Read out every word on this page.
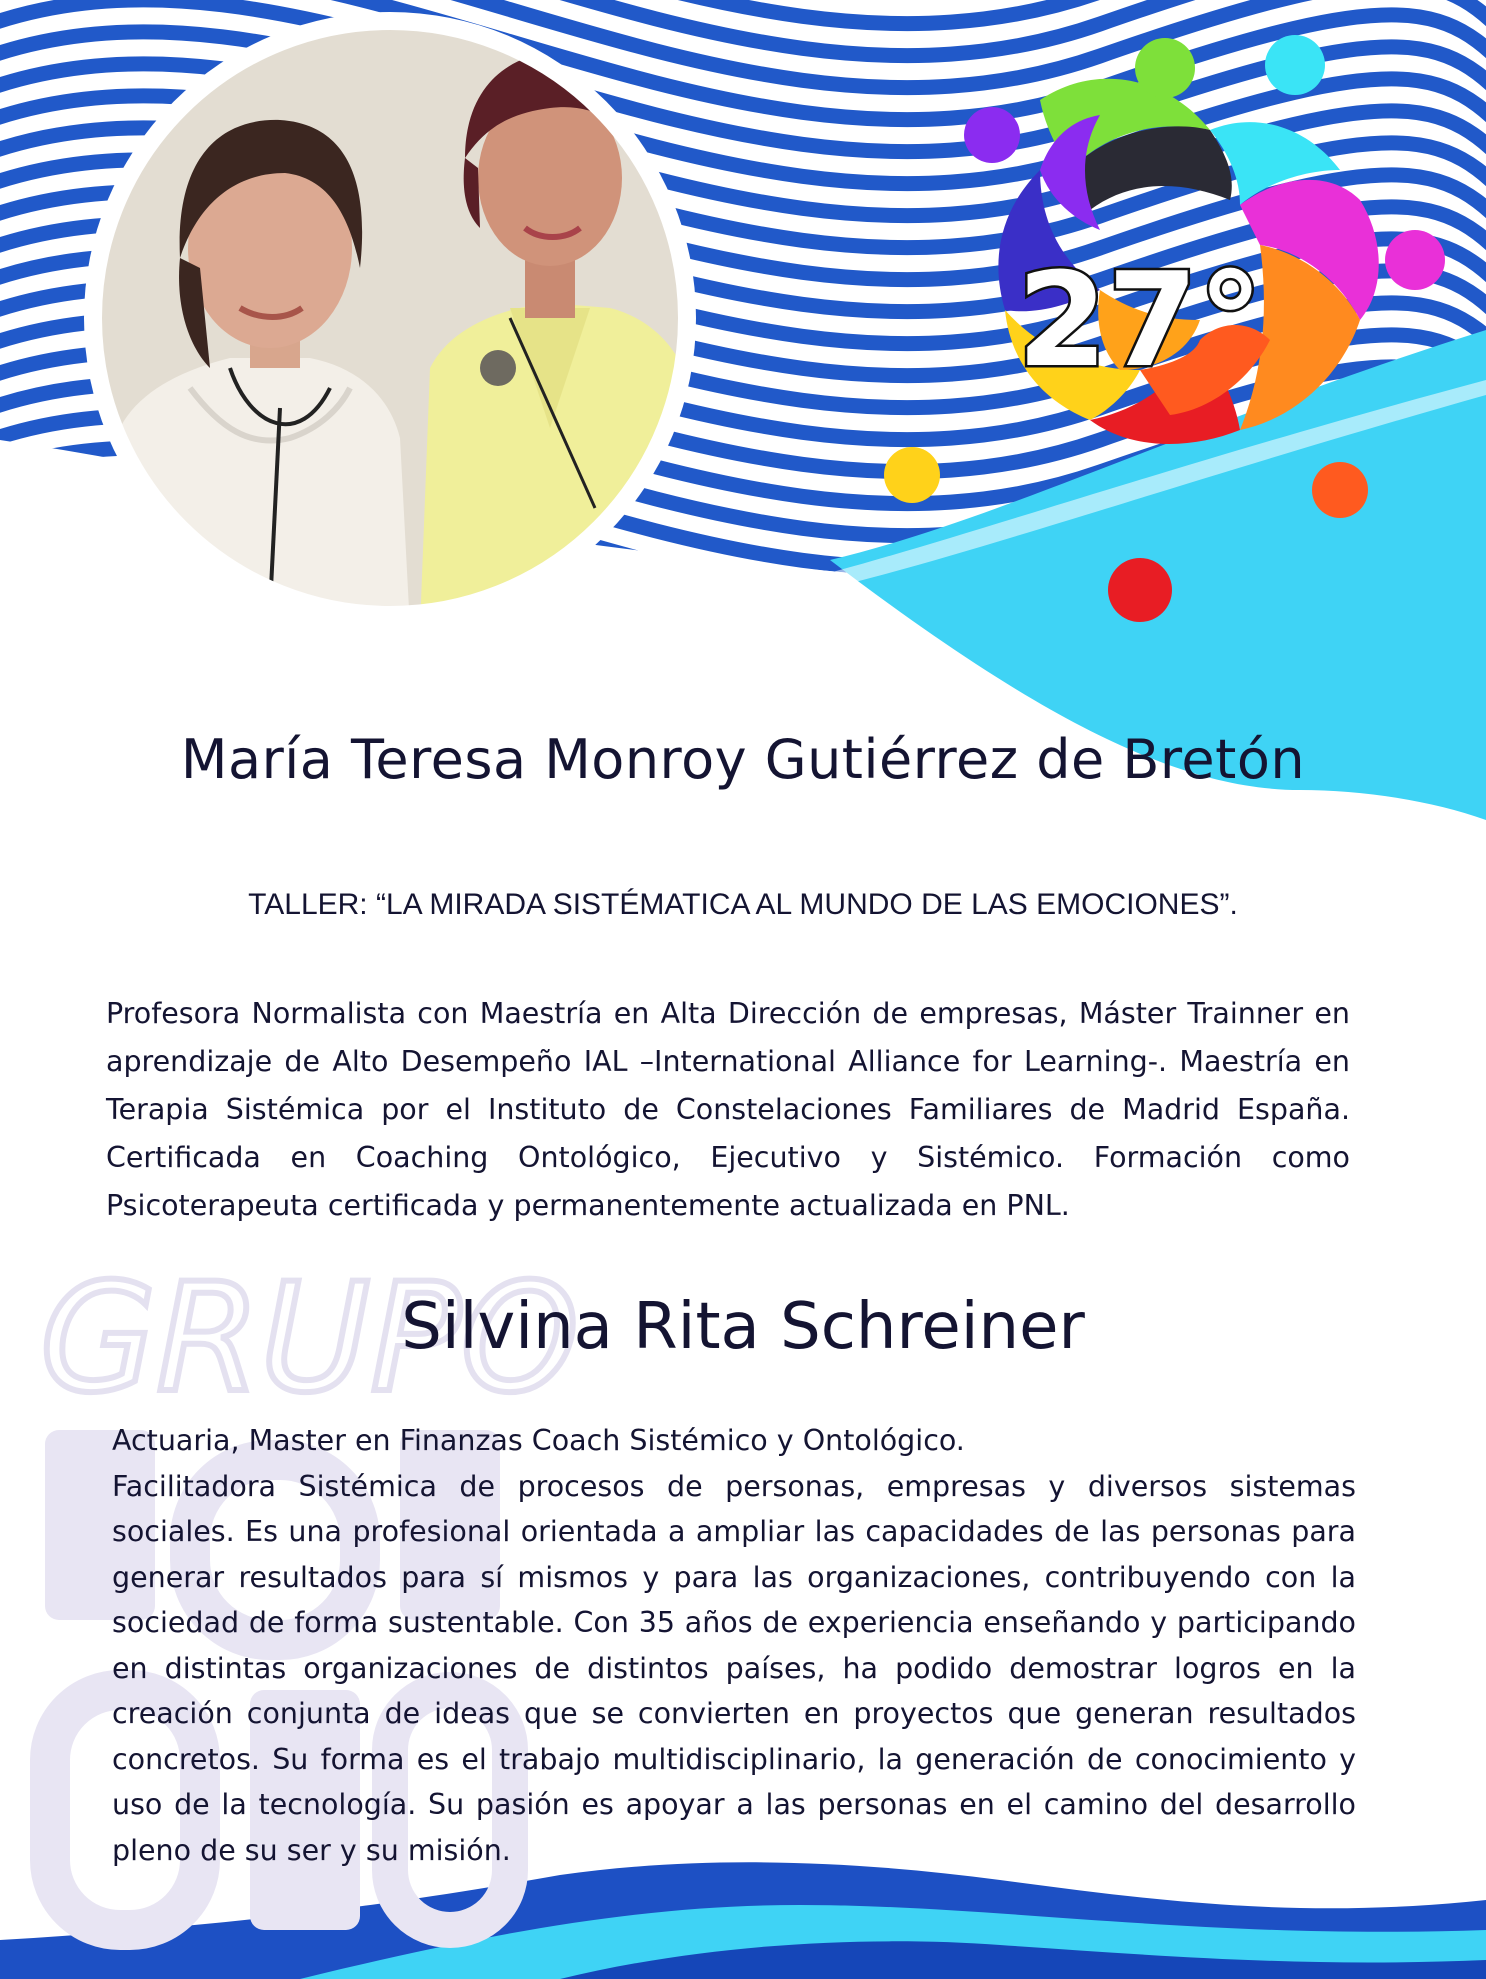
GRUPO
27°
María Teresa Monroy Gutiérrez de Bretón

TALLER: “LA MIRADA SISTÉMATICA AL MUNDO DE LAS EMOCIONES”.

Profesora Normalista con Maestría en Alta Dirección de empresas, Máster Trainner en aprendizaje de Alto Desempeño IAL –International Alliance for Learning-. Maestría en Terapia Sistémica por el Instituto de Constelaciones Familiares de Madrid España. Certificada en Coaching Ontológico, Ejecutivo y Sistémico. Formación como Psicoterapeuta certificada y permanentemente actualizada en PNL.

Silvina Rita Schreiner

Actuaria, Master en Finanzas Coach Sistémico y Ontológico.
Facilitadora Sistémica de procesos de personas, empresas y diversos sistemas sociales. Es una profesional orientada a ampliar las capacidades de las personas para generar resultados para sí mismos y para las organizaciones, contribuyendo con la sociedad de forma sustentable. Con 35 años de experiencia enseñando y participando en distintas organizaciones de distintos países, ha podido demostrar logros en la creación conjunta de ideas que se convierten en proyectos que generan resultados concretos. Su forma es el trabajo multidisciplinario, la generación de conocimiento y uso de la tecnología. Su pasión es apoyar a las personas en el camino del desarrollo pleno de su ser y su misión.
